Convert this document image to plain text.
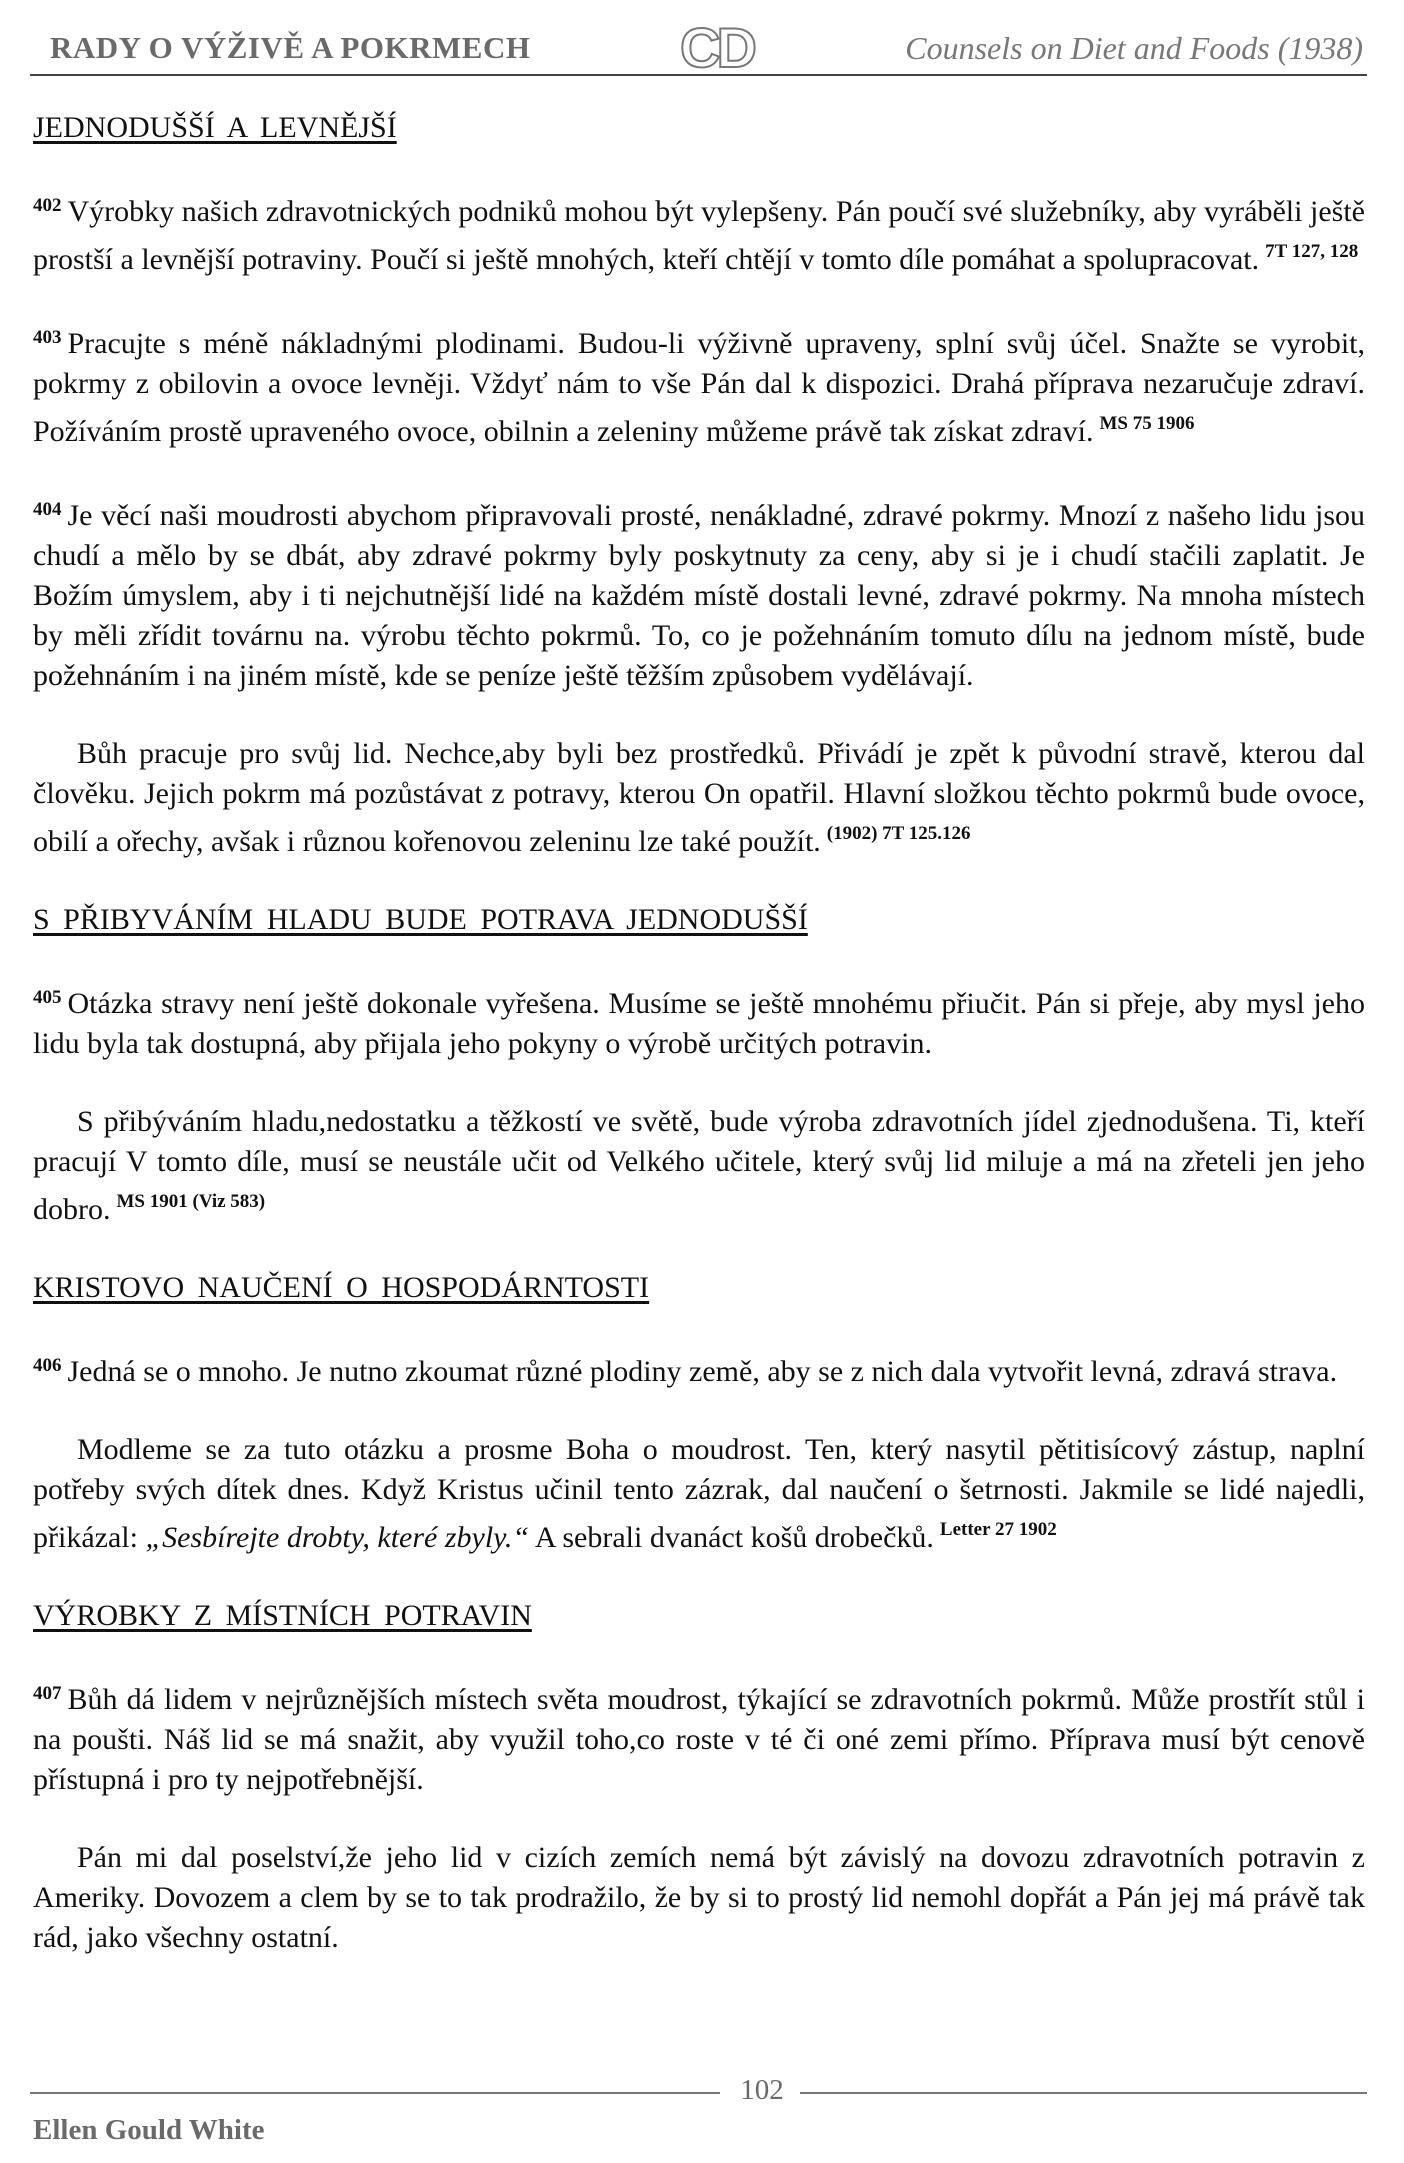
RADY O VÝŽIVĚ A POKRMECH	CD	Counsels on Diet and Foods (1938)
JEDNODUŠŠÍ A LEVNĚJŠÍ

$^{402}$ Výrobky našich zdravotnických podniků mohou být vylepšeny. Pán poučí své služebníky, aby vyráběli ještě prostší a levnější potraviny. Poučí si ještě mnohých, kteří chtějí v tomto díle pomáhat a spolupracovat. $^{7T 127, 128}$

$^{403}$ Pracujte s méně nákladnými plodinami. Budou-li výživně upraveny, splní svůj účel. Snažte se vyrobit, pokrmy z obilovin a ovoce levněji. Vždyť nám to vše Pán dal k dispozici. Drahá příprava nezaručuje zdraví. Požíváním prostě upraveného ovoce, obilnin a zeleniny můžeme právě tak získat zdraví. $^{MS 75 1906}$

$^{404}$ Je věcí naši moudrosti abychom připravovali prosté, nenákladné, zdravé pokrmy. Mnozí z našeho lidu jsou chudí a mělo by se dbát, aby zdravé pokrmy byly poskytnuty za ceny, aby si je i chudí stačili zaplatit. Je Božím úmyslem, aby i ti nejchutnější lidé na každém místě dostali levné, zdravé pokrmy. Na mnoha místech by měli zřídit továrnu na. výrobu těchto pokrmů. To, co je požehnáním tomuto dílu na jednom místě, bude požehnáním i na jiném místě, kde se peníze ještě těžším způsobem vydělávají.

Bůh pracuje pro svůj lid. Nechce,aby byli bez prostředků. Přivádí je zpět k původní stravě, kterou dal člověku. Jejich pokrm má pozůstávat z potravy, kterou On opatřil. Hlavní složkou těchto pokrmů bude ovoce, obilí a ořechy, avšak i různou kořenovou zeleninu lze také použít. $^{(1902) 7T 125.126}$

S PŘIBYVÁNÍM HLADU BUDE POTRAVA JEDNODUŠŠÍ

$^{405}$ Otázka stravy není ještě dokonale vyřešena. Musíme se ještě mnohému přiučit. Pán si přeje, aby mysl jeho lidu byla tak dostupná, aby přijala jeho pokyny o výrobě určitých potravin.

S přibýváním hladu,nedostatku a těžkostí ve světě, bude výroba zdravotních jídel zjednodušena. Ti, kteří pracují V tomto díle, musí se neustále učit od Velkého učitele, který svůj lid miluje a má na zřeteli jen jeho dobro. $^{MS 1901 (Viz 583)}$

KRISTOVO NAUČENÍ O HOSPODÁRNTOSTI

$^{406}$ Jedná se o mnoho. Je nutno zkoumat různé plodiny země, aby se z nich dala vytvořit levná, zdravá strava.

Modleme se za tuto otázku a prosme Boha o moudrost. Ten, který nasytil pětitisícový zástup, naplní potřeby svých dítek dnes. Když Kristus učinil tento zázrak, dal naučení o šetrnosti. Jakmile se lidé najedli, přikázal: „Sesbírejte drobty, které zbyly.“ A sebrali dvanáct košů drobečků. $^{Letter 27 1902}$

VÝROBKY Z MÍSTNÍCH POTRAVIN

$^{407}$ Bůh dá lidem v nejrůznějších místech světa moudrost, týkající se zdravotních pokrmů. Může prostřít stůl i na poušti. Náš lid se má snažit, aby využil toho,co roste v té či oné zemi přímo. Příprava musí být cenově přístupná i pro ty nejpotřebnější.

Pán mi dal poselství,že jeho lid v cizích zemích nemá být závislý na dovozu zdravotních potravin z Ameriky. Dovozem a clem by se to tak prodražilo, že by si to prostý lid nemohl dopřát a Pán jej má právě tak rád, jako všechny ostatní.

102
Ellen Gould White
